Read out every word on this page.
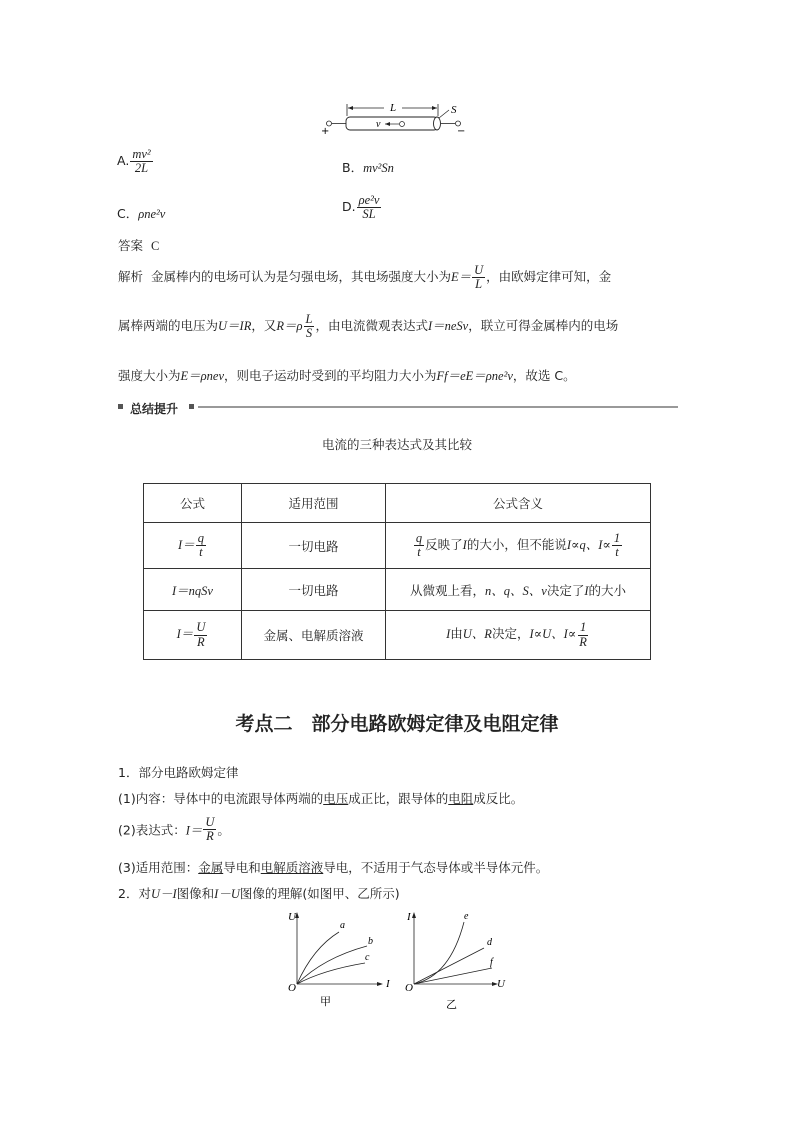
L	S
v
+	−
A. $\frac{\text{mv²}}{2L}$	B．mv²Sn
C．ρne²v	D. $\frac{\text{ρe²v}}{SL}$
答案 C
解析 金属棒内的电场可认为是匀强电场，其电场强度大小为$E= \frac{U}{L}$ ，由欧姆定律可知，金
属棒两端的电压为U＝IR，又$R=\rho \frac{L}{S}$ ，由电流微观表达式I＝neSv，联立可得金属棒内的电场
强度大小为E＝ρnev，则电子运动时受到的平均阻力大小为Ff＝eE＝ρne²v，故选 C。
总结提升
电流的三种表达式及其比较
公式	适用范围	公式含义
$I= \frac{q}{t}$	一切电路	$\frac{q}{t}$ 反映了I的大小，但不能说I∝q、$I\propto \frac{1}{t}$

I＝nqSv	一切电路	从微观上看，n、q、S、v决定了I的大小
$I= \frac{U}{R}$	金属、电解质溶液	I由U、R决定，I∝U、$I\propto \frac{1}{R}$
考点二　部分电路欧姆定律及电阻定律
1．部分电路欧姆定律
(1)内容：导体中的电流跟导体两端的电压成正比，跟导体的电阻成反比。
(2)表达式：$I= \frac{U}{R}$ 。
(3)适用范围：金属导电和电解质溶液导电，不适用于气态导体或半导体元件。
2．对U－I图像和I－U图像的理解(如图甲、乙所示)
U
I
O
a
b
c
甲
I
U
O
e
d
f
乙
